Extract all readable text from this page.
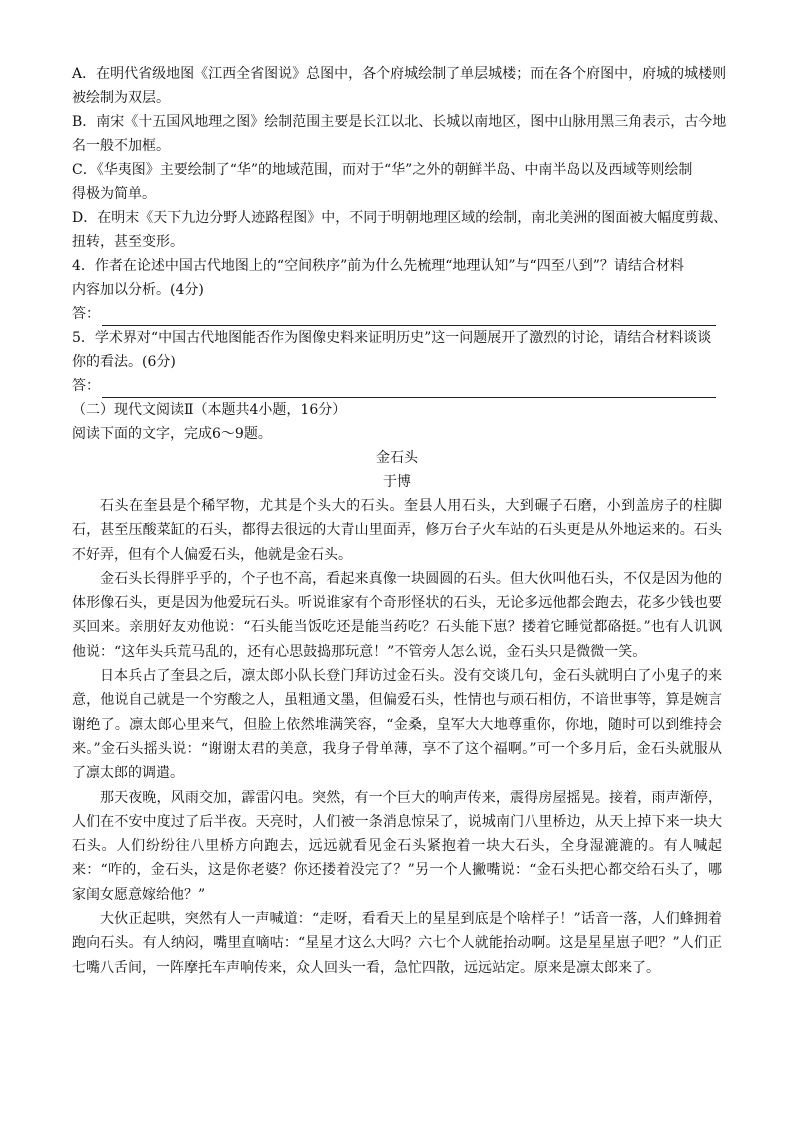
A．在明代省级地图《江西全省图说》总图中，各个府城绘制了单层城楼；而在各个府图中，府城的城楼则
被绘制为双层。
B．南宋《十五国风地理之图》绘制范围主要是长江以北、长城以南地区，图中山脉用黑三角表示，古今地
名一般不加框。
C．《华夷图》主要绘制了“华”的地域范围，而对于“华”之外的朝鲜半岛、中南半岛以及西域等则绘制
得极为简单。
D．在明末《天下九边分野人迹路程图》中，不同于明朝地理区域的绘制，南北美洲的图面被大幅度剪裁、
扭转，甚至变形。
4．作者在论述中国古代地图上的“空间秩序”前为什么先梳理“地理认知”与“四至八到”？请结合材料
内容加以分析。(4分)
答：
5．学术界对“中国古代地图能否作为图像史料来证明历史”这一问题展开了激烈的讨论，请结合材料谈谈
你的看法。(6分)
答：
（二）现代文阅读Ⅱ（本题共4小题，16分）
阅读下面的文字，完成6～9题。
金石头
于博

石头在奎县是个稀罕物，尤其是个头大的石头。奎县人用石头，大到碾子石磨，小到盖房子的柱脚石，甚至压酸菜缸的石头，都得去很远的大青山里面弄，修万台子火车站的石头更是从外地运来的。石头不好弄，但有个人偏爱石头，他就是金石头。

金石头长得胖乎乎的，个子也不高，看起来真像一块圆圆的石头。但大伙叫他石头，不仅是因为他的体形像石头，更是因为他爱玩石头。听说谁家有个奇形怪状的石头，无论多远他都会跑去，花多少钱也要买回来。亲朋好友劝他说：“石头能当饭吃还是能当药吃？石头能下崽？搂着它睡觉都硌挺。”也有人讥讽他说：“这年头兵荒马乱的，还有心思鼓捣那玩意！”不管旁人怎么说，金石头只是微微一笑。

日本兵占了奎县之后，凛太郎小队长登门拜访过金石头。没有交谈几句，金石头就明白了小鬼子的来意，他说自己就是一个穷酸之人，虽粗通文墨，但偏爱石头，性情也与顽石相仿，不谙世事等，算是婉言谢绝了。凛太郎心里来气，但脸上依然堆满笑容，“金桑，皇军大大地尊重你，你地，随时可以到维持会来。”金石头摇头说：“谢谢太君的美意，我身子骨单薄，享不了这个福啊。”可一个多月后，金石头就服从了凛太郎的调遣。

那天夜晚，风雨交加，霹雷闪电。突然，有一个巨大的响声传来，震得房屋摇晃。接着，雨声渐停，人们在不安中度过了后半夜。天亮时，人们被一条消息惊呆了，说城南门八里桥边，从天上掉下来一块大石头。人们纷纷往八里桥方向跑去，远远就看见金石头紧抱着一块大石头，全身湿漉漉的。有人喊起来：“咋的，金石头，这是你老婆？你还搂着没完了？”另一个人撇嘴说：“金石头把心都交给石头了，哪家闺女愿意嫁给他？”

大伙正起哄，突然有人一声喊道：“走呀，看看天上的星星到底是个啥样子！”话音一落，人们蜂拥着跑向石头。有人纳闷，嘴里直嘀咕：“星星才这么大吗？六七个人就能抬动啊。这是星星崽子吧？”人们正七嘴八舌间，一阵摩托车声响传来，众人回头一看，急忙四散，远远站定。原来是凛太郎来了。
